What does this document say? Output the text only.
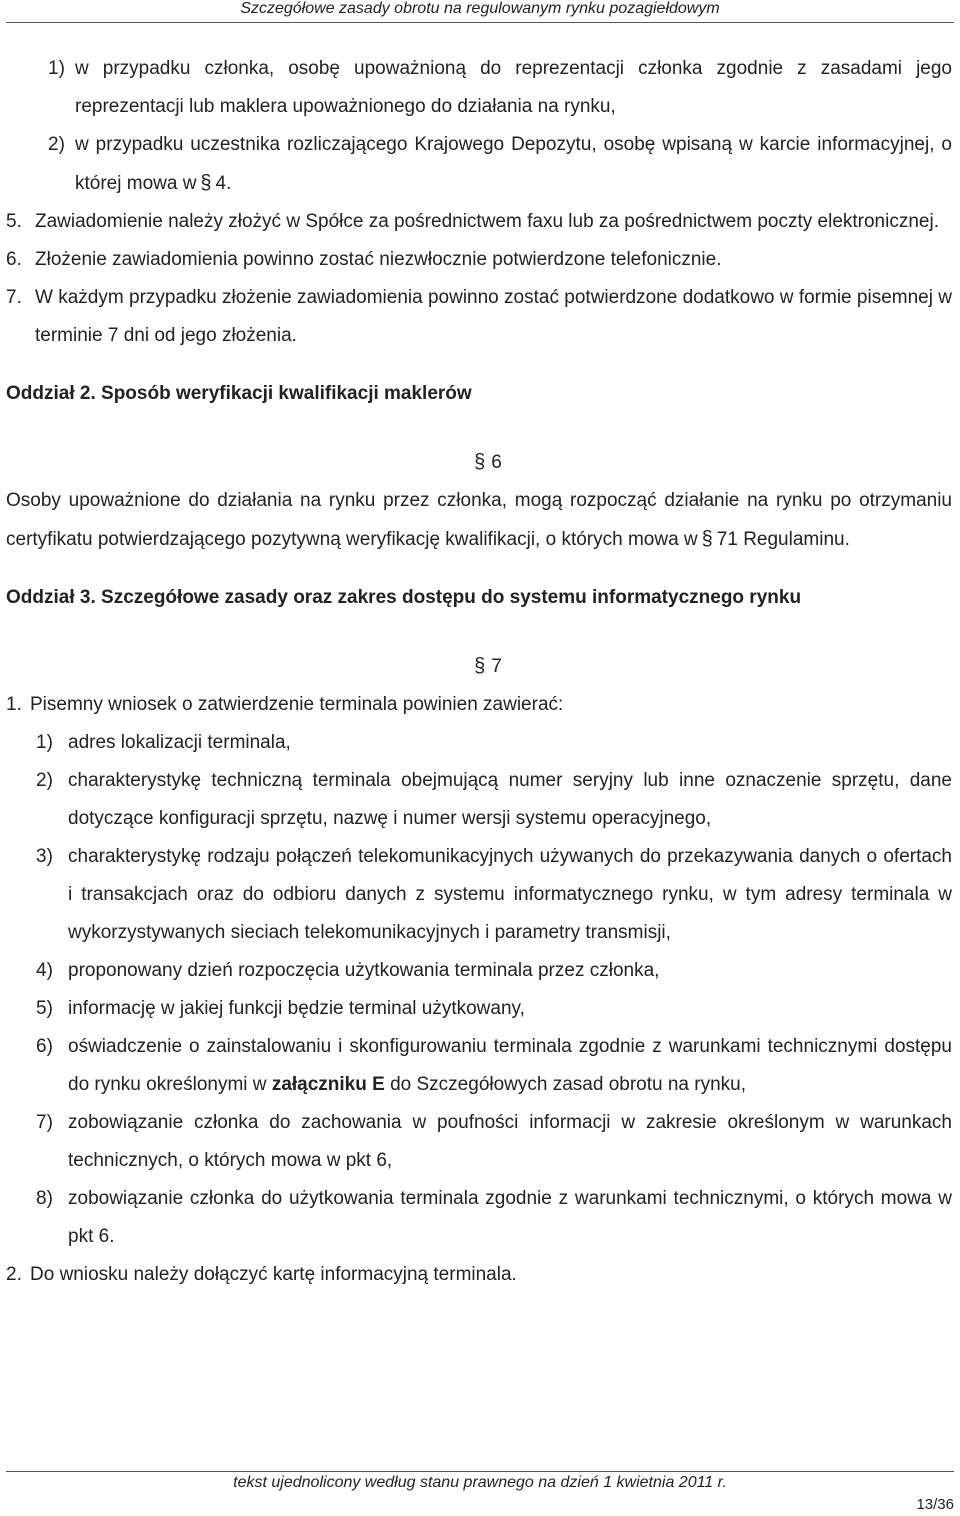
Szczegółowe zasady obrotu na regulowanym rynku pozagiełdowym
1) w przypadku członka, osobę upoważnioną do reprezentacji członka zgodnie z zasadami jego reprezentacji lub maklera upoważnionego do działania na rynku,
2) w przypadku uczestnika rozliczającego Krajowego Depozytu, osobę wpisaną w karcie informacyjnej, o której mowa w § 4.
5. Zawiadomienie należy złożyć w Spółce za pośrednictwem faxu lub za pośrednictwem poczty elektronicznej.
6. Złożenie zawiadomienia powinno zostać niezwłocznie potwierdzone telefonicznie.
7. W każdym przypadku złożenie zawiadomienia powinno zostać potwierdzone dodatkowo w formie pisemnej w terminie 7 dni od jego złożenia.
Oddział 2. Sposób weryfikacji kwalifikacji maklerów
§ 6

Osoby upoważnione do działania na rynku przez członka, mogą rozpocząć działanie na rynku po otrzymaniu certyfikatu potwierdzającego pozytywną weryfikację kwalifikacji, o których mowa w § 71 Regulaminu.

Oddział 3. Szczegółowe zasady oraz zakres dostępu do systemu informatycznego rynku
§ 7
1. Pisemny wniosek o zatwierdzenie terminala powinien zawierać:
1) adres lokalizacji terminala,
2) charakterystykę techniczną terminala obejmującą numer seryjny lub inne oznaczenie sprzętu, dane dotyczące konfiguracji sprzętu, nazwę i numer wersji systemu operacyjnego,
3) charakterystykę rodzaju połączeń telekomunikacyjnych używanych do przekazywania danych o ofertach i transakcjach oraz do odbioru danych z systemu informatycznego rynku, w tym adresy terminala w wykorzystywanych sieciach telekomunikacyjnych i parametry transmisji,
4) proponowany dzień rozpoczęcia użytkowania terminala przez członka,
5) informację w jakiej funkcji będzie terminal użytkowany,
6) oświadczenie o zainstalowaniu i skonfigurowaniu terminala zgodnie z warunkami technicznymi dostępu do rynku określonymi w załączniku E do Szczegółowych zasad obrotu na rynku,
7) zobowiązanie członka do zachowania w poufności informacji w zakresie określonym w warunkach technicznych, o których mowa w pkt 6,
8) zobowiązanie członka do użytkowania terminala zgodnie z warunkami technicznymi, o których mowa w pkt 6.
2. Do wniosku należy dołączyć kartę informacyjną terminala.
tekst ujednolicony według stanu prawnego na dzień 1 kwietnia 2011 r.
13/36
